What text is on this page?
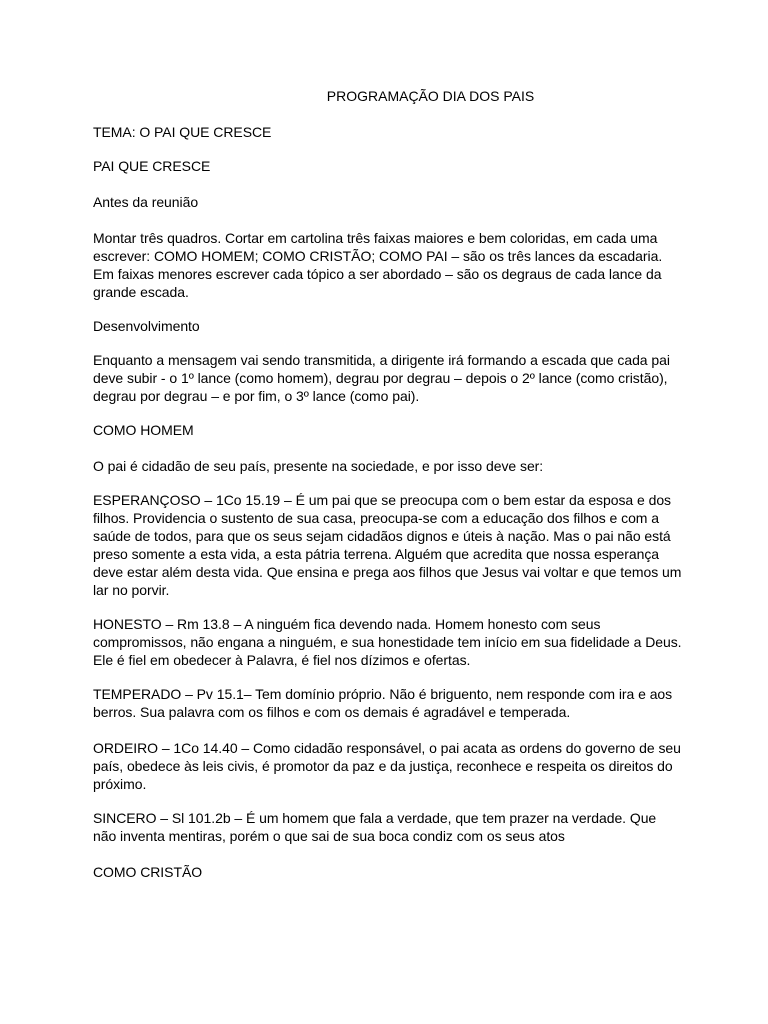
PROGRAMAÇÃO DIA DOS PAIS

TEMA: O PAI QUE CRESCE

PAI QUE CRESCE

Antes da reunião

Montar três quadros. Cortar em cartolina três faixas maiores e bem coloridas, em cada uma escrever: COMO HOMEM; COMO CRISTÃO; COMO PAI – são os três lances da escadaria. Em faixas menores escrever cada tópico a ser abordado – são os degraus de cada lance da grande escada.

Desenvolvimento

Enquanto a mensagem vai sendo transmitida, a dirigente irá formando a escada que cada pai deve subir - o 1º lance (como homem), degrau por degrau – depois o 2º lance (como cristão), degrau por degrau – e por fim, o 3º lance (como pai).

COMO HOMEM

O pai é cidadão de seu país, presente na sociedade, e por isso deve ser:

ESPERANÇOSO – 1Co 15.19 – É um pai que se preocupa com o bem estar da esposa e dos filhos. Providencia o sustento de sua casa, preocupa-se com a educação dos filhos e com a saúde de todos, para que os seus sejam cidadãos dignos e úteis à nação. Mas o pai não está preso somente a esta vida, a esta pátria terrena. Alguém que acredita que nossa esperança deve estar além desta vida. Que ensina e prega aos filhos que Jesus vai voltar e que temos um lar no porvir.

HONESTO – Rm 13.8 – A ninguém fica devendo nada. Homem honesto com seus compromissos, não engana a ninguém, e sua honestidade tem início em sua fidelidade a Deus. Ele é fiel em obedecer à Palavra, é fiel nos dízimos e ofertas.

TEMPERADO – Pv 15.1– Tem domínio próprio. Não é briguento, nem responde com ira e aos berros. Sua palavra com os filhos e com os demais é agradável e temperada.

ORDEIRO – 1Co 14.40 – Como cidadão responsável, o pai acata as ordens do governo de seu país, obedece às leis civis, é promotor da paz e da justiça, reconhece e respeita os direitos do próximo.

SINCERO – Sl 101.2b – É um homem que fala a verdade, que tem prazer na verdade. Que não inventa mentiras, porém o que sai de sua boca condiz com os seus atos

COMO CRISTÃO
